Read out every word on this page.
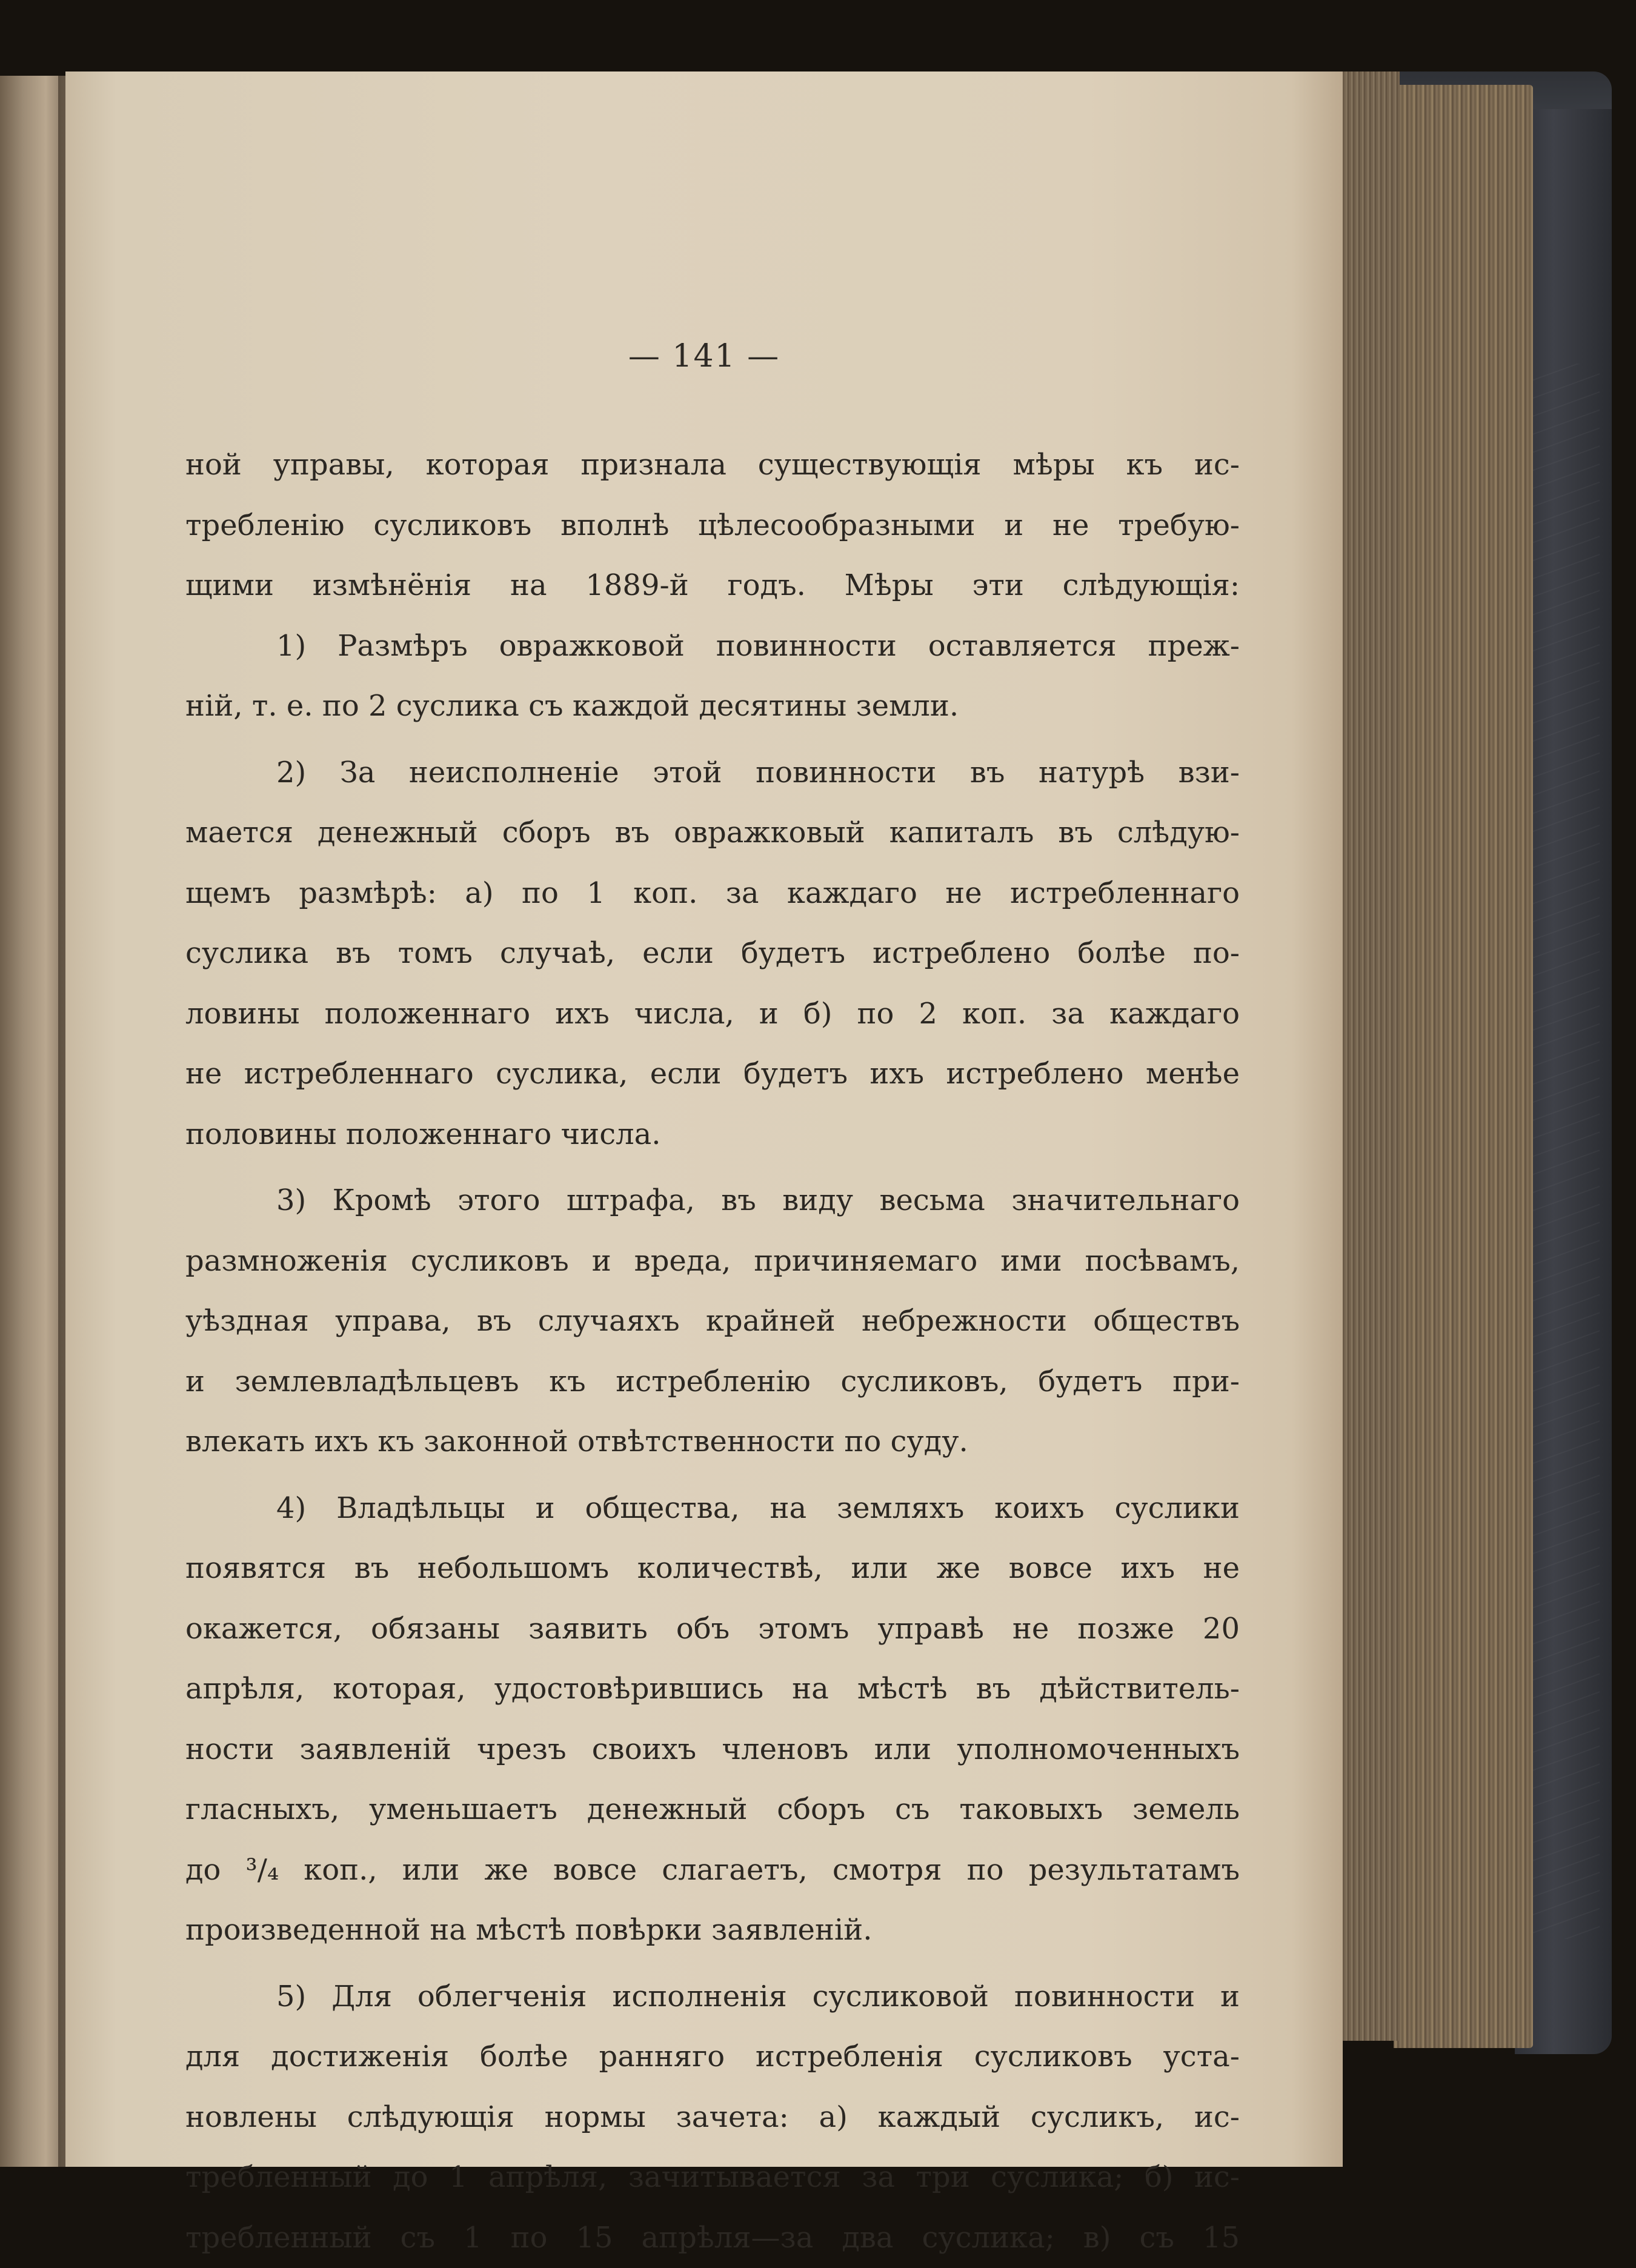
— 141 —
ной управы, которая признала существующія мѣры къ ис-
требленію сусликовъ вполнѣ цѣлесообразными и не требую-
щими измѣнёнія на 1889-й годъ. Мѣры эти слѣдующія:
1) Размѣръ овражковой повинности оставляется преж-
ній, т. е. по 2 суслика съ каждой десятины земли.
2) За неисполненіе этой повинности въ натурѣ взи-
мается денежный сборъ въ овражковый капиталъ въ слѣдую-
щемъ размѣрѣ: а) по 1 коп. за каждаго не истребленнаго
суслика въ томъ случаѣ, если будетъ истреблено болѣе по-
ловины положеннаго ихъ числа, и б) по 2 коп. за каждаго
не истребленнаго суслика, если будетъ ихъ истреблено менѣе
половины положеннаго числа.
3) Кромѣ этого штрафа, въ виду весьма значительнаго
размноженія сусликовъ и вреда, причиняемаго ими посѣвамъ,
уѣздная управа, въ случаяхъ крайней небрежности обществъ
и землевладѣльцевъ къ истребленію сусликовъ, будетъ при-
влекать ихъ къ законной отвѣтственности по суду.
4) Владѣльцы и общества, на земляхъ коихъ суслики
появятся въ небольшомъ количествѣ, или же вовсе ихъ не
окажется, обязаны заявить объ этомъ управѣ не позже 20
апрѣля, которая, удостовѣрившись на мѣстѣ въ дѣйствитель-
ности заявленій чрезъ своихъ членовъ или уполномоченныхъ
гласныхъ, уменьшаетъ денежный сборъ съ таковыхъ земель
до ³/₄ коп., или же вовсе слагаетъ, смотря по результатамъ
произведенной на мѣстѣ повѣрки заявленій.
5) Для облегченія исполненія сусликовой повинности и
для достиженія болѣе ранняго истребленія сусликовъ уста-
новлены слѣдующія нормы зачета: а) каждый сусликъ, ис-
требленный до 1 апрѣля, зачитывается за три суслика; б) ис-
требленный съ 1 по 15 апрѣля—за два суслика; в) съ 15
